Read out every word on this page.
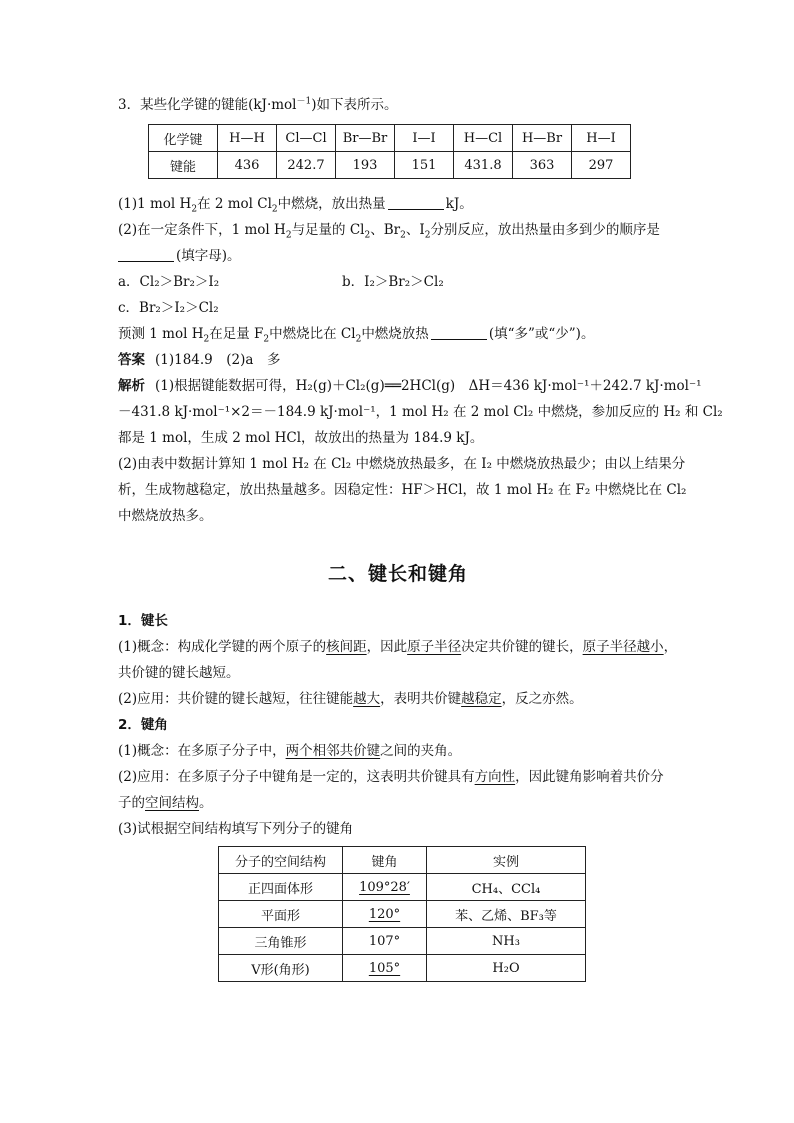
3．某些化学键的键能(kJ·mol$^{-1}$)如下表所示。

化学键	H—H	Cl—Cl	Br—Br	I—I	H—Cl	H—Br	H—I
键能	436	242.7	193	151	431.8	363	297

(1)1 mol $H_2$在 2 mol $Cl_2$中燃烧，放出热量	kJ。

(2)在一定条件下，1 mol $H_2$与足量的 $Cl_2$、$Br_2$、$I_2$分别反应，放出热量由多到少的顺序是

(填字母)。

a．Cl₂＞Br₂＞I₂	b．I₂＞Br₂＞Cl₂

c．Br₂＞I₂＞Cl₂

预测 1 mol $H_2$在足量 $F_2$中燃烧比在 $Cl_2$中燃烧放热	(填“多”或“少”)。

答案 (1)184.9　(2)a　多

解析 (1)根据键能数据可得，H₂(g)＋Cl₂(g)══2HCl(g)　ΔH＝436 kJ·mol⁻¹＋242.7 kJ·mol⁻¹

－431.8 kJ·mol⁻¹×2＝－184.9 kJ·mol⁻¹，1 mol H₂ 在 2 mol Cl₂ 中燃烧，参加反应的 H₂ 和 Cl₂

都是 1 mol，生成 2 mol HCl，故放出的热量为 184.9 kJ。

(2)由表中数据计算知 1 mol H₂ 在 Cl₂ 中燃烧放热最多，在 I₂ 中燃烧放热最少；由以上结果分

析，生成物越稳定，放出热量越多。因稳定性：HF＞HCl，故 1 mol H₂ 在 F₂ 中燃烧比在 Cl₂

中燃烧放热多。

二、键长和键角

1．键长

(1)概念：构成化学键的两个原子的核间距，因此原子半径决定共价键的键长，原子半径越小，

共价键的键长越短。

(2)应用：共价键的键长越短，往往键能越大，表明共价键越稳定，反之亦然。

2．键角

(1)概念：在多原子分子中，两个相邻共价键之间的夹角。

(2)应用：在多原子分子中键角是一定的，这表明共价键具有方向性，因此键角影响着共价分

子的空间结构。

(3)试根据空间结构填写下列分子的键角

分子的空间结构	键角	实例
正四面体形	109°28′	CH₄、CCl₄
平面形	120°	苯、乙烯、BF₃等
三角锥形	107°	NH₃
V形(角形)	105°	H₂O
